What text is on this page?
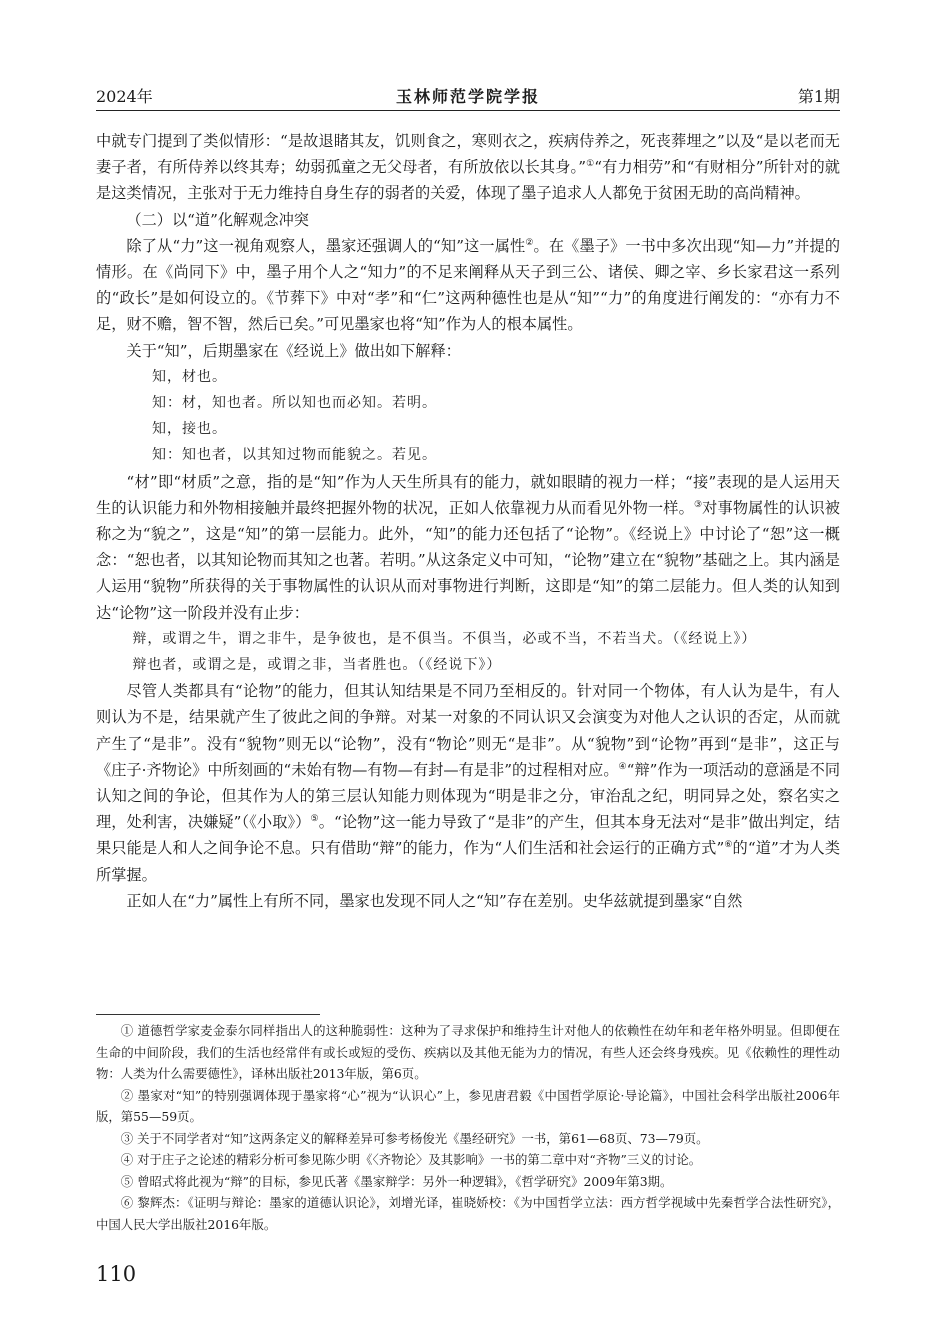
2024年	玉林师范学院学报	第1期

中就专门提到了类似情形：“是故退睹其友，饥则食之，寒则衣之，疾病侍养之，死丧葬埋之”以及“是以老而无妻子者，有所侍养以终其寿；幼弱孤童之无父母者，有所放依以长其身。”①“有力相劳”和“有财相分”所针对的就是这类情况，主张对于无力维持自身生存的弱者的关爱，体现了墨子追求人人都免于贫困无助的高尚精神。

（二）以“道”化解观念冲突

除了从“力”这一视角观察人，墨家还强调人的“知”这一属性②。在《墨子》一书中多次出现“知—力”并提的情形。在《尚同下》中，墨子用个人之“知力”的不足来阐释从天子到三公、诸侯、卿之宰、乡长家君这一系列的“政长”是如何设立的。《节葬下》中对“孝”和“仁”这两种德性也是从“知”“力”的角度进行阐发的：“亦有力不足，财不赡，智不智，然后已矣。”可见墨家也将“知”作为人的根本属性。

关于“知”，后期墨家在《经说上》做出如下解释：

知，材也。

知：材，知也者。所以知也而必知。若明。

知，接也。

知：知也者，以其知过物而能貌之。若见。

“材”即“材质”之意，指的是“知”作为人天生所具有的能力，就如眼睛的视力一样；“接”表现的是人运用天生的认识能力和外物相接触并最终把握外物的状况，正如人依靠视力从而看见外物一样。③对事物属性的认识被称之为“貌之”，这是“知”的第一层能力。此外，“知”的能力还包括了“论物”。《经说上》中讨论了“恕”这一概念：“恕也者，以其知论物而其知之也著。若明。”从这条定义中可知，“论物”建立在“貌物”基础之上。其内涵是人运用“貌物”所获得的关于事物属性的认识从而对事物进行判断，这即是“知”的第二层能力。但人类的认知到达“论物”这一阶段并没有止步：

辩，或谓之牛，谓之非牛，是争彼也，是不俱当。不俱当，必或不当，不若当犬。（《经说上》）

辩也者，或谓之是，或谓之非，当者胜也。（《经说下》）

尽管人类都具有“论物”的能力，但其认知结果是不同乃至相反的。针对同一个物体，有人认为是牛，有人则认为不是，结果就产生了彼此之间的争辩。对某一对象的不同认识又会演变为对他人之认识的否定，从而就产生了“是非”。没有“貌物”则无以“论物”，没有“物论”则无“是非”。从“貌物”到“论物”再到“是非”，这正与《庄子·齐物论》中所刻画的“未始有物—有物—有封—有是非”的过程相对应。④“辩”作为一项活动的意涵是不同认知之间的争论，但其作为人的第三层认知能力则体现为“明是非之分，审治乱之纪，明同异之处，察名实之理，处利害，决嫌疑”（《小取》）⑤。“论物”这一能力导致了“是非”的产生，但其本身无法对“是非”做出判定，结果只能是人和人之间争论不息。只有借助“辩”的能力，作为“人们生活和社会运行的正确方式”⑥的“道”才为人类所掌握。

正如人在“力”属性上有所不同，墨家也发现不同人之“知”存在差别。史华兹就提到墨家“自然

① 道德哲学家麦金泰尔同样指出人的这种脆弱性：这种为了寻求保护和维持生计对他人的依赖性在幼年和老年格外明显。但即便在生命的中间阶段，我们的生活也经常伴有或长或短的受伤、疾病以及其他无能为力的情况，有些人还会终身残疾。见《依赖性的理性动物：人类为什么需要德性》，译林出版社2013年版，第6页。

② 墨家对“知”的特别强调体现于墨家将“心”视为“认识心”上，参见唐君毅《中国哲学原论·导论篇》，中国社会科学出版社2006年版，第55—59页。

③ 关于不同学者对“知”这两条定义的解释差异可参考杨俊光《墨经研究》一书，第61—68页、73—79页。

④ 对于庄子之论述的精彩分析可参见陈少明《〈齐物论〉及其影响》一书的第二章中对“齐物”三义的讨论。

⑤ 曾昭式将此视为“辩”的目标，参见氏著《墨家辩学：另外一种逻辑》，《哲学研究》2009年第3期。

⑥ 黎辉杰：《证明与辩论：墨家的道德认识论》，刘增光译，崔晓娇校：《为中国哲学立法：西方哲学视域中先秦哲学合法性研究》，中国人民大学出版社2016年版。

110
